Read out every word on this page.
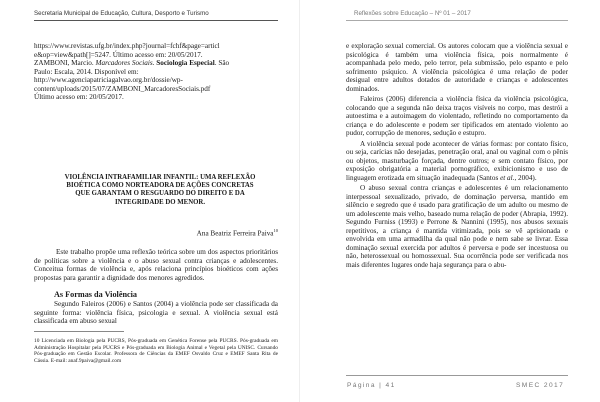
Secretaria Municipal de Educação, Cultura, Desporto e Turismo	Reflexões sobre Educação – Nº 01 – 2017

https://www.revistas.ufg.br/index.php?journal=fchf&page=articl

e&op=view&path[]=5247. Último acesso em: 20/05/2017.

ZAMBONI, Marcio. Marcadores Sociais. Sociologia Especial. São

Paulo: Escala, 2014. Disponível em:

http://www.agenciapatriciagalvao.org.br/dossie/wp-

content/uploads/2015/07/ZAMBONI_MarcadoresSociais.pdf

Último acesso em: 20/05/2017.

VIOLÊNCIA INTRAFAMILIAR INFANTIL: UMA REFLEXÃO BIOÉTICA COMO NORTEADORA DE AÇÕES CONCRETAS QUE GARANTAM O RESGUARDO DO DIREITO E DA INTEGRIDADE DO MENOR.
Ana Beatriz Ferreira Paiva$^{10}$

Este trabalho propõe uma reflexão teórica sobre um dos aspectos prioritários de políticas sobre a violência e o abuso sexual contra crianças e adolescentes. Conceitua formas de violência e, após relaciona princípios bioéticos com ações propostas para garantir a dignidade dos menores agredidos.

As Formas da Violência

Segundo Faleiros (2006) e Santos (2004) a violência pode ser classificada da seguinte forma: violência física, psicologia e sexual. A violência sexual está classificada em abuso sexual

10 Licenciada em Biologia pela PUCRS, Pós-graduada em Genética Forense pela PUCRS. Pós-graduada em Administração Hospitalar pela PUCRS e Pós-graduada em Biologia Animal e Vegetal pela UNISC. Cursando Pós-graduação em Gestão Escolar. Professora de Ciências da EMEF Osvaldo Cruz e EMEF Santa Rita de Cássia. E-mail: anaf.9paiva@gmail.com

e exploração sexual comercial. Os autores colocam que a violência sexual e psicológica é também uma violência física, pois normalmente é acompanhada pelo medo, pelo terror, pela submissão, pelo espanto e pelo sofrimento psíquico. A violência psicológica é uma relação de poder desigual entre adultos dotados de autoridade e crianças e adolescentes dominados.

Faleiros (2006) diferencia a violência física da violência psicológica, colocando que a segunda não deixa traços visíveis no corpo, mas destrói a autoestima e a autoimagem do violentado, refletindo no comportamento da criança e do adolescente e podem ser tipificados em atentado violento ao pudor, corrupção de menores, sedução e estupro.

A violência sexual pode acontecer de várias formas: por contato físico, ou seja, carícias não desejadas, penetração oral, anal ou vaginal com o pênis ou objetos, masturbação forçada, dentre outros; e sem contato físico, por exposição obrigatória a material pornográfico, exibicionismo e uso de linguagem erotizada em situação inadequada (Santos et al., 2004).

O abuso sexual contra crianças e adolescentes é um relacionamento interpessoal sexualizado, privado, de dominação perversa, mantido em silêncio e segredo que é usado para gratificação de um adulto ou mesmo de um adolescente mais velho, baseado numa relação de poder (Abrapia, 1992). Segundo Furniss (1993) e Perrone & Nannini (1995), nos abusos sexuais repetitivos, a criança é mantida vitimizada, pois se vê aprisionada e envolvida em uma armadilha da qual não pode e nem sabe se livrar. Essa dominação sexual exercida por adultos é perversa e pode ser incestuosa ou não, heterossexual ou homossexual. Sua ocorrência pode ser verificada nos mais diferentes lugares onde haja segurança para o abu-

Página | 41	SMEC 2017
